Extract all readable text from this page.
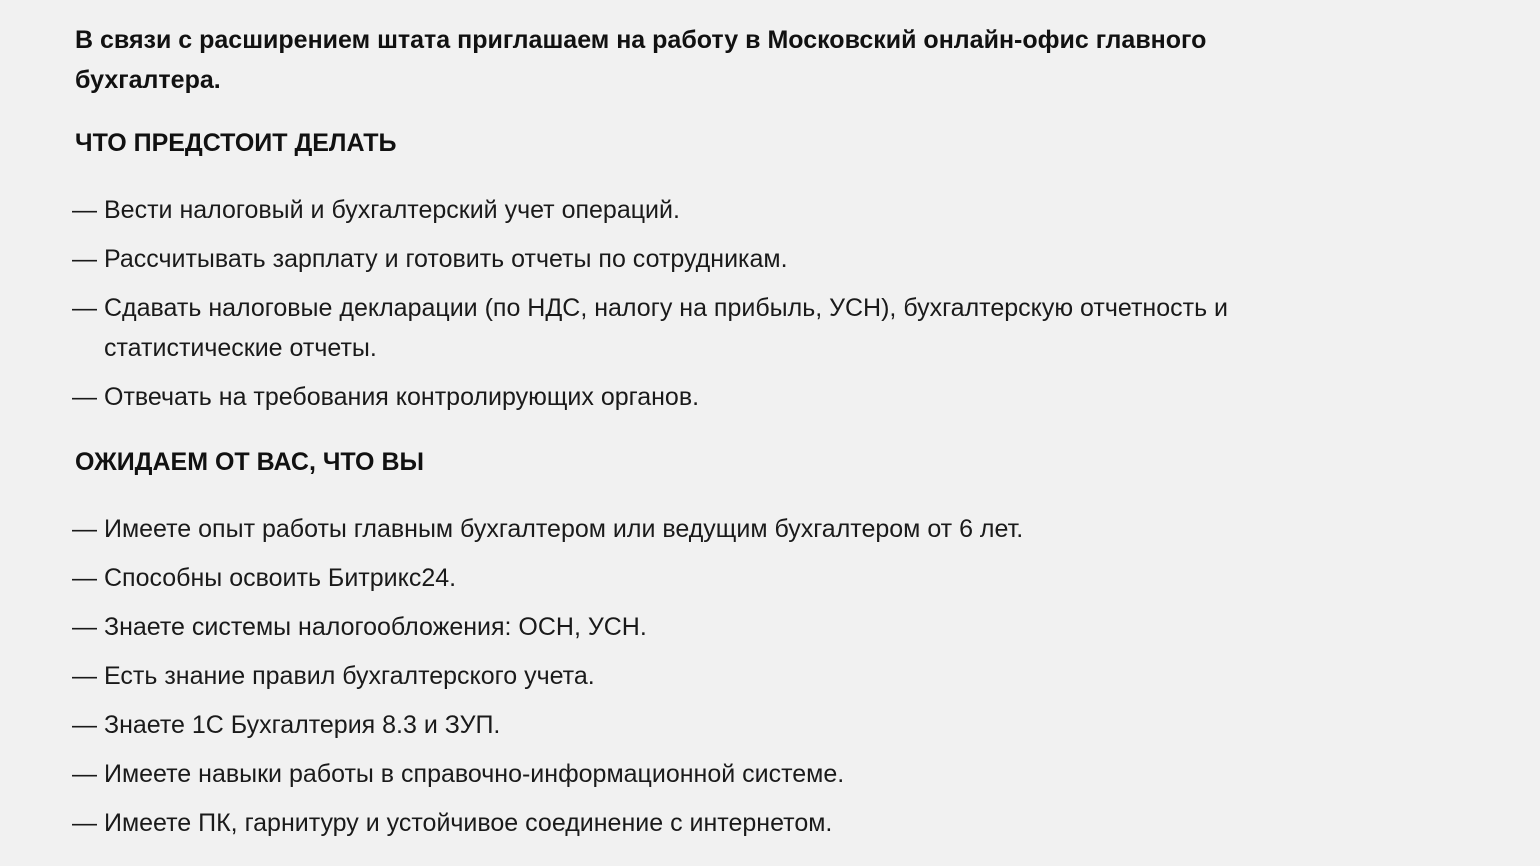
В связи с расширением штата приглашаем на работу в Московский онлайн-офис главного бухгалтера.

ЧТО ПРЕДСТОИТ ДЕЛАТЬ
— Вести налоговый и бухгалтерский учет операций.
— Рассчитывать зарплату и готовить отчеты по сотрудникам.
— Сдавать налоговые декларации (по НДС, налогу на прибыль, УСН), бухгалтерскую отчетность и статистические отчеты.
— Отвечать на требования контролирующих органов.
ОЖИДАЕМ ОТ ВАС, ЧТО ВЫ
— Имеете опыт работы главным бухгалтером или ведущим бухгалтером от 6 лет.
— Способны освоить Битрикс24.
— Знаете системы налогообложения: ОСН, УСН.
— Есть знание правил бухгалтерского учета.
— Знаете 1С Бухгалтерия 8.3 и ЗУП.
— Имеете навыки работы в справочно-информационной системе.
— Имеете ПК, гарнитуру и устойчивое соединение с интернетом.
